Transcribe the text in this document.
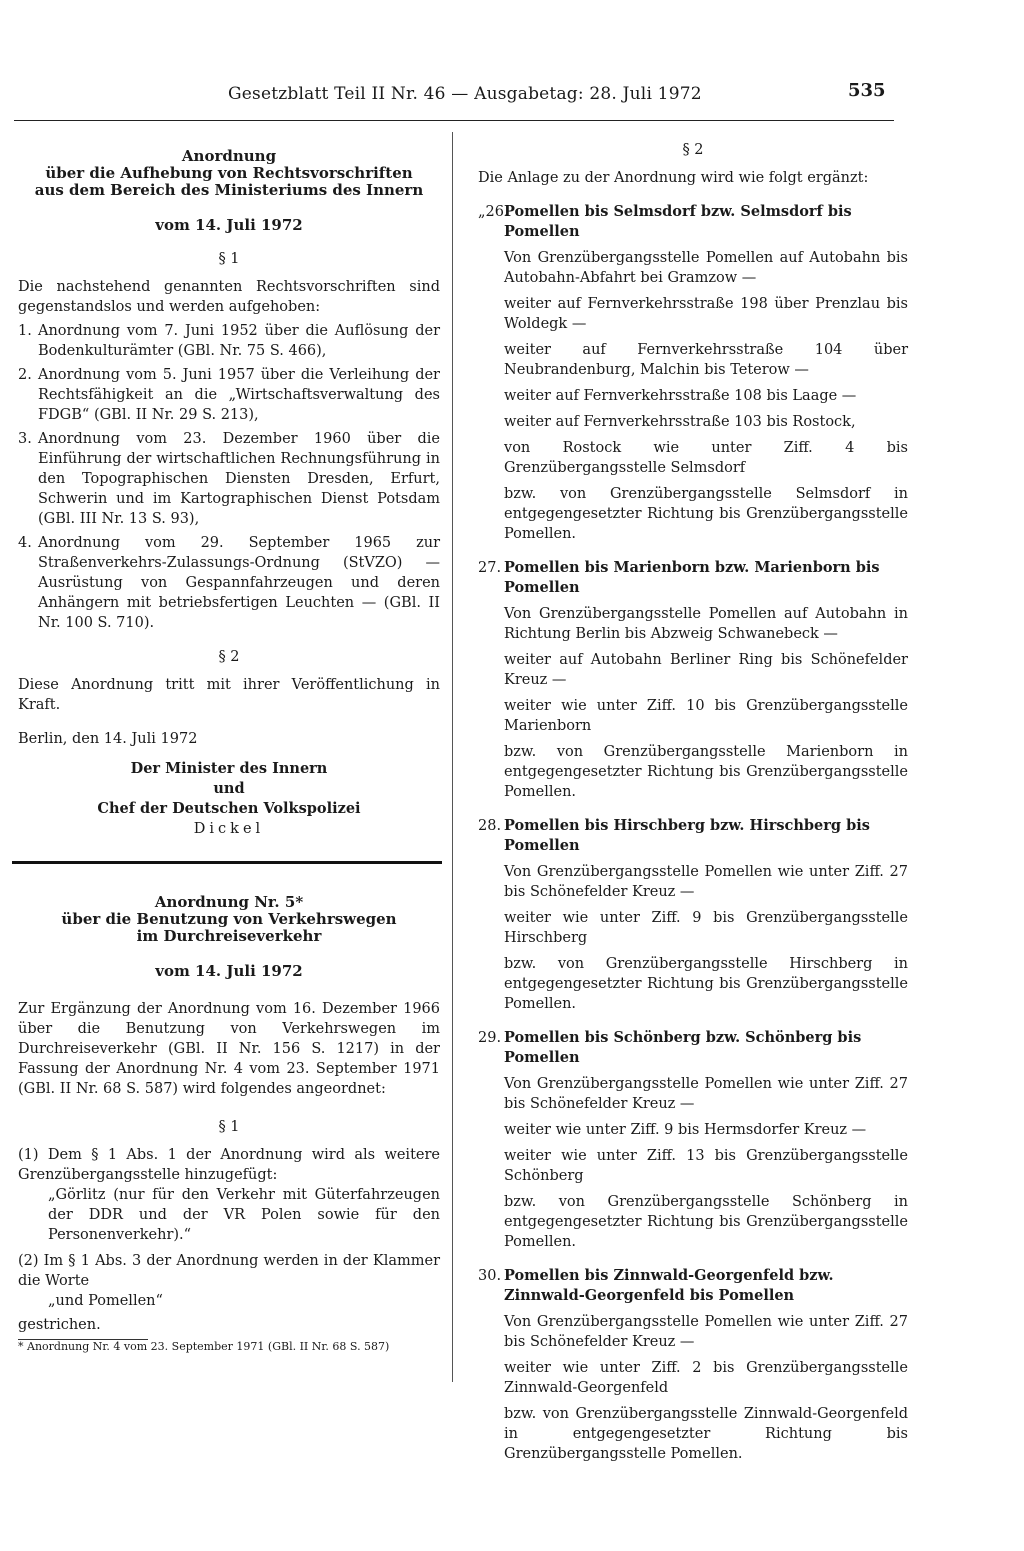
Gesetzblatt Teil II Nr. 46 — Ausgabetag: 28. Juli 1972	535
Anordnung
über die Aufhebung von Rechtsvorschriften
aus dem Bereich des Ministeriums des Innern
vom 14. Juli 1972
§ 1

Die nachstehend genannten Rechtsvorschriften sind gegenstandslos und werden aufgehoben:

1. Anordnung vom 7. Juni 1952 über die Auflösung der Bodenkulturämter (GBl. Nr. 75 S. 466),
2. Anordnung vom 5. Juni 1957 über die Verleihung der Rechtsfähigkeit an die „Wirtschaftsverwaltung des FDGB“ (GBl. II Nr. 29 S. 213),
3. Anordnung vom 23. Dezember 1960 über die Einführung der wirtschaftlichen Rechnungsführung in den Topographischen Diensten Dresden, Erfurt, Schwerin und im Kartographischen Dienst Potsdam (GBl. III Nr. 13 S. 93),
4. Anordnung vom 29. September 1965 zur Straßenverkehrs-Zulassungs-Ordnung (StVZO) — Ausrüstung von Gespannfahrzeugen und deren Anhängern mit betriebsfertigen Leuchten — (GBl. II Nr. 100 S. 710).
§ 2

Diese Anordnung tritt mit ihrer Veröffentlichung in Kraft.

Berlin, den 14. Juli 1972

Der Minister des Innern
und
Chef der Deutschen Volkspolizei
Dickel
Anordnung Nr. 5*
über die Benutzung von Verkehrswegen
im Durchreiseverkehr
vom 14. Juli 1972

Zur Ergänzung der Anordnung vom 16. Dezember 1966 über die Benutzung von Verkehrswegen im Durchreiseverkehr (GBl. II Nr. 156 S. 1217) in der Fassung der Anordnung Nr. 4 vom 23. September 1971 (GBl. II Nr. 68 S. 587) wird folgendes angeordnet:

§ 1

(1) Dem § 1 Abs. 1 der Anordnung wird als weitere Grenzübergangsstelle hinzugefügt:

„Görlitz (nur für den Verkehr mit Güterfahrzeugen der DDR und der VR Polen sowie für den Personenverkehr).“

(2) Im § 1 Abs. 3 der Anordnung werden in der Klammer die Worte

„und Pomellen“

gestrichen.

* Anordnung Nr. 4 vom 23. September 1971 (GBl. II Nr. 68 S. 587)

§ 2

Die Anlage zu der Anordnung wird wie folgt ergänzt:

„26.
Pomellen bis Selmsdorf bzw. Selmsdorf bis Pomellen

Von Grenzübergangsstelle Pomellen auf Autobahn bis Autobahn-Abfahrt bei Gramzow —

weiter auf Fernverkehrsstraße 198 über Prenzlau bis Woldegk —

weiter auf Fernverkehrsstraße 104 über Neubrandenburg, Malchin bis Teterow —

weiter auf Fernverkehrsstraße 108 bis Laage —

weiter auf Fernverkehrsstraße 103 bis Rostock,

von Rostock wie unter Ziff. 4 bis Grenzübergangsstelle Selmsdorf

bzw. von Grenzübergangsstelle Selmsdorf in entgegengesetzter Richtung bis Grenzübergangsstelle Pomellen.

27. Pomellen bis Marienborn bzw. Marienborn bis Pomellen

Von Grenzübergangsstelle Pomellen auf Autobahn in Richtung Berlin bis Abzweig Schwanebeck —

weiter auf Autobahn Berliner Ring bis Schönefelder Kreuz —

weiter wie unter Ziff. 10 bis Grenzübergangsstelle Marienborn

bzw. von Grenzübergangsstelle Marienborn in entgegengesetzter Richtung bis Grenzübergangsstelle Pomellen.

28. Pomellen bis Hirschberg bzw. Hirschberg bis Pomellen

Von Grenzübergangsstelle Pomellen wie unter Ziff. 27 bis Schönefelder Kreuz —

weiter wie unter Ziff. 9 bis Grenzübergangsstelle Hirschberg

bzw. von Grenzübergangsstelle Hirschberg in entgegengesetzter Richtung bis Grenzübergangsstelle Pomellen.

29. Pomellen bis Schönberg bzw. Schönberg bis Pomellen

Von Grenzübergangsstelle Pomellen wie unter Ziff. 27 bis Schönefelder Kreuz —

weiter wie unter Ziff. 9 bis Hermsdorfer Kreuz —

weiter wie unter Ziff. 13 bis Grenzübergangsstelle Schönberg

bzw. von Grenzübergangsstelle Schönberg in entgegengesetzter Richtung bis Grenzübergangsstelle Pomellen.

30. Pomellen bis Zinnwald-Georgenfeld bzw. Zinnwald-Georgenfeld bis Pomellen

Von Grenzübergangsstelle Pomellen wie unter Ziff. 27 bis Schönefelder Kreuz —

weiter wie unter Ziff. 2 bis Grenzübergangsstelle Zinnwald-Georgenfeld

bzw. von Grenzübergangsstelle Zinnwald-Georgenfeld in entgegengesetzter Richtung bis Grenzübergangsstelle Pomellen.
